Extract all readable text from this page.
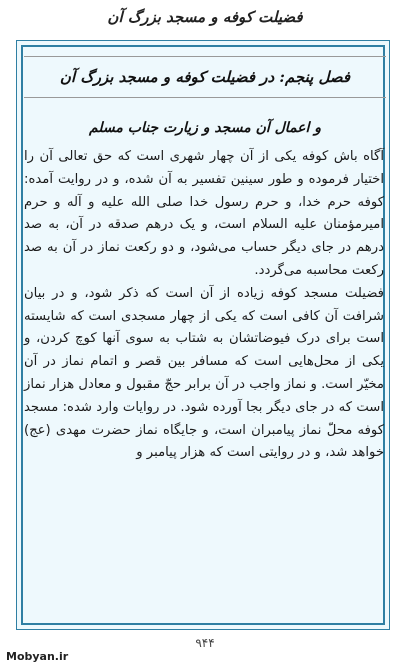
فضیلت کوفه و مسجد بزرگ آن
فصل پنجم: در فضیلت کوفه و مسجد بزرگ آن
و اعمال آن مسجد و زیارت جناب مسلم

آگاه باش کوفه یکی از آن چهار شهری است که حق تعالی آن را اختیار فرموده و طور سینین تفسیر به آن شده، و در روایت آمده: کوفه حرم خدا، و حرم رسول خدا صلی الله علیه و آله و حرم امیرمؤمنان علیه السلام است، و یک درهم صدقه در آن، به صد درهم در جای دیگر حساب می‌شود، و دو رکعت نماز در آن به صد رکعت محاسبه می‌گردد.

فضیلت مسجد کوفه زیاده از آن است که ذکر شود، و در بیان شرافت آن کافی است که یکی از چهار مسجدی است که شایسته است برای درک فیوضاتشان به شتاب به سوی آنها کوچ کردن، و یکی از محل‌هایی است که مسافر بین قصر و اتمام نماز در آن مخیّر است. و نماز واجب در آن برابر حجّ مقبول و معادل هزار نماز است که در جای دیگر بجا آورده شود. در روایات وارد شده: مسجد کوفه محلّ نماز پیامبران است، و جایگاه نماز حضرت مهدی (عج) خواهد شد، و در روایتی است که هزار پیامبر و

۹۴۴
Mobyan.ir
